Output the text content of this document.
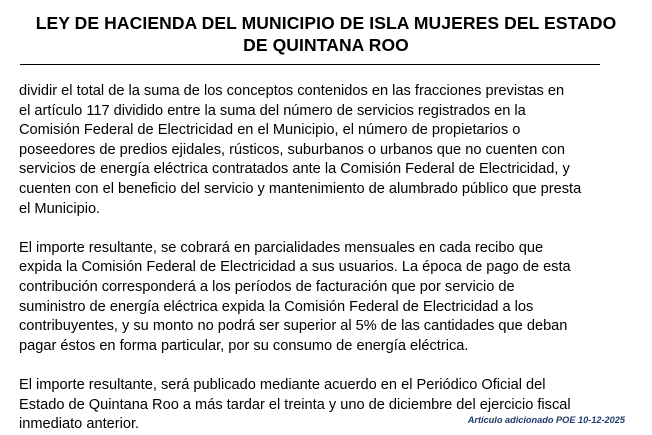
LEY DE HACIENDA DEL MUNICIPIO DE ISLA MUJERES DEL ESTADO
DE QUINTANA ROO

dividir el total de la suma de los conceptos contenidos en las fracciones previstas en
el artículo 117 dividido entre la suma del número de servicios registrados en la
Comisión Federal de Electricidad en el Municipio, el número de propietarios o
poseedores de predios ejidales, rústicos, suburbanos o urbanos que no cuenten con
servicios de energía eléctrica contratados ante la Comisión Federal de Electricidad, y
cuenten con el beneficio del servicio y mantenimiento de alumbrado público que presta
el Municipio.

El importe resultante, se cobrará en parcialidades mensuales en cada recibo que
expida la Comisión Federal de Electricidad a sus usuarios. La época de pago de esta
contribución corresponderá a los períodos de facturación que por servicio de
suministro de energía eléctrica expida la Comisión Federal de Electricidad a los
contribuyentes, y su monto no podrá ser superior al 5% de las cantidades que deban
pagar éstos en forma particular, por su consumo de energía eléctrica.

El importe resultante, será publicado mediante acuerdo en el Periódico Oficial del
Estado de Quintana Roo a más tardar el treinta y uno de diciembre del ejercicio fiscal
inmediato anterior.	Artículo adicionado POE 10-12-2025
